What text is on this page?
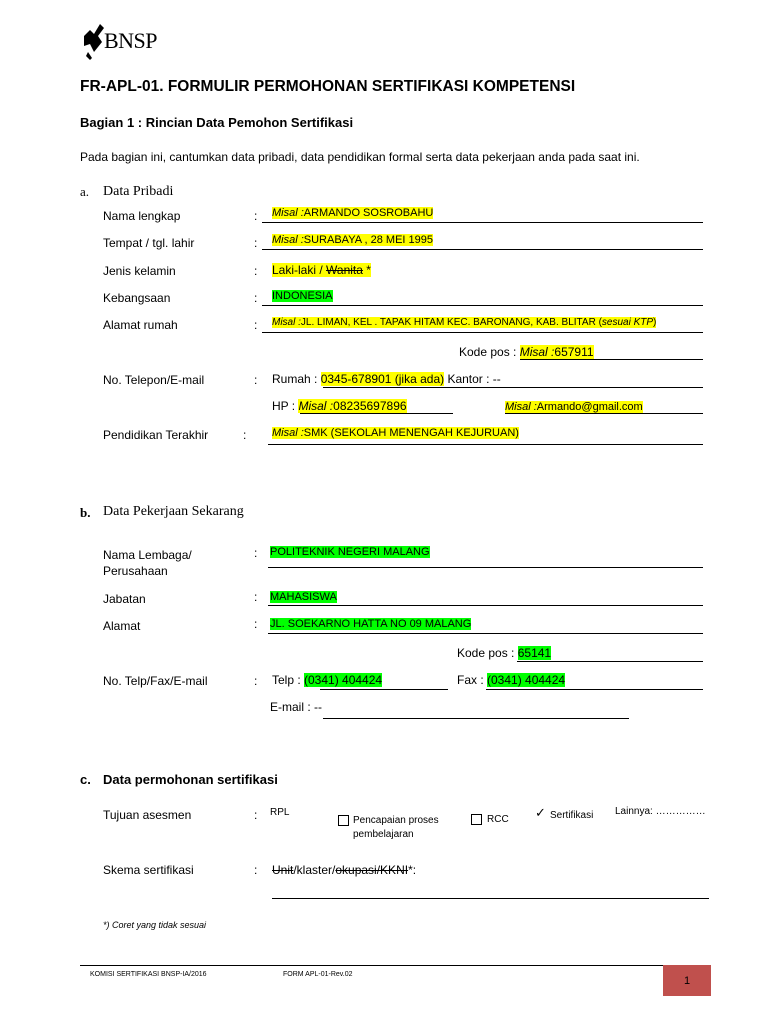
BNSP
FR-APL-01. FORMULIR PERMOHONAN SERTIFIKASI KOMPETENSI
Bagian 1 : Rincian Data Pemohon Sertifikasi
Pada bagian ini, cantumkan data pribadi, data pendidikan formal serta data pekerjaan anda pada saat ini.
a. Data Pribadi
Nama lengkap	: Misal :ARMANDO SOSROBAHU
Tempat / tgl. lahir	: Misal :SURABAYA , 28 MEI 1995
Jenis kelamin	: Laki-laki / Wanita *
Kebangsaan	: INDONESIA
Alamat rumah	: Misal :JL. LIMAN, KEL . TAPAK HITAM KEC. BARONANG, KAB. BLITAR (sesuai KTP)
Kode pos : Misal :657911
No. Telepon/E-mail	: Rumah : 0345-678901 (jika ada) Kantor : --
HP : Misal :08235697896	Misal :Armando@gmail.com
Pendidikan Terakhir	: Misal :SMK (SEKOLAH MENENGAH KEJURUAN)
b. Data Pekerjaan Sekarang
Nama Lembaga/
Perusahaan
: POLITEKNIK NEGERI MALANG
Jabatan	: MAHASISWA
Alamat	: JL. SOEKARNO HATTA NO 09 MALANG
Kode pos : 65141
No. Telp/Fax/E-mail	: Telp : (0341) 404424	Fax : (0341) 404424
E-mail : --
c. Data permohonan sertifikasi
Tujuan asesmen	: RPL
Pencapaian proses
pembelajaran
RCC ✓ Sertifikasi Lainnya: ……………
Skema sertifikasi	: Unit/klaster/okupasi/KKNI*:
*) Coret yang tidak sesuai
KOMISI SERTIFIKASI BNSP-IA/2016	FORM APL-01-Rev.02
1
